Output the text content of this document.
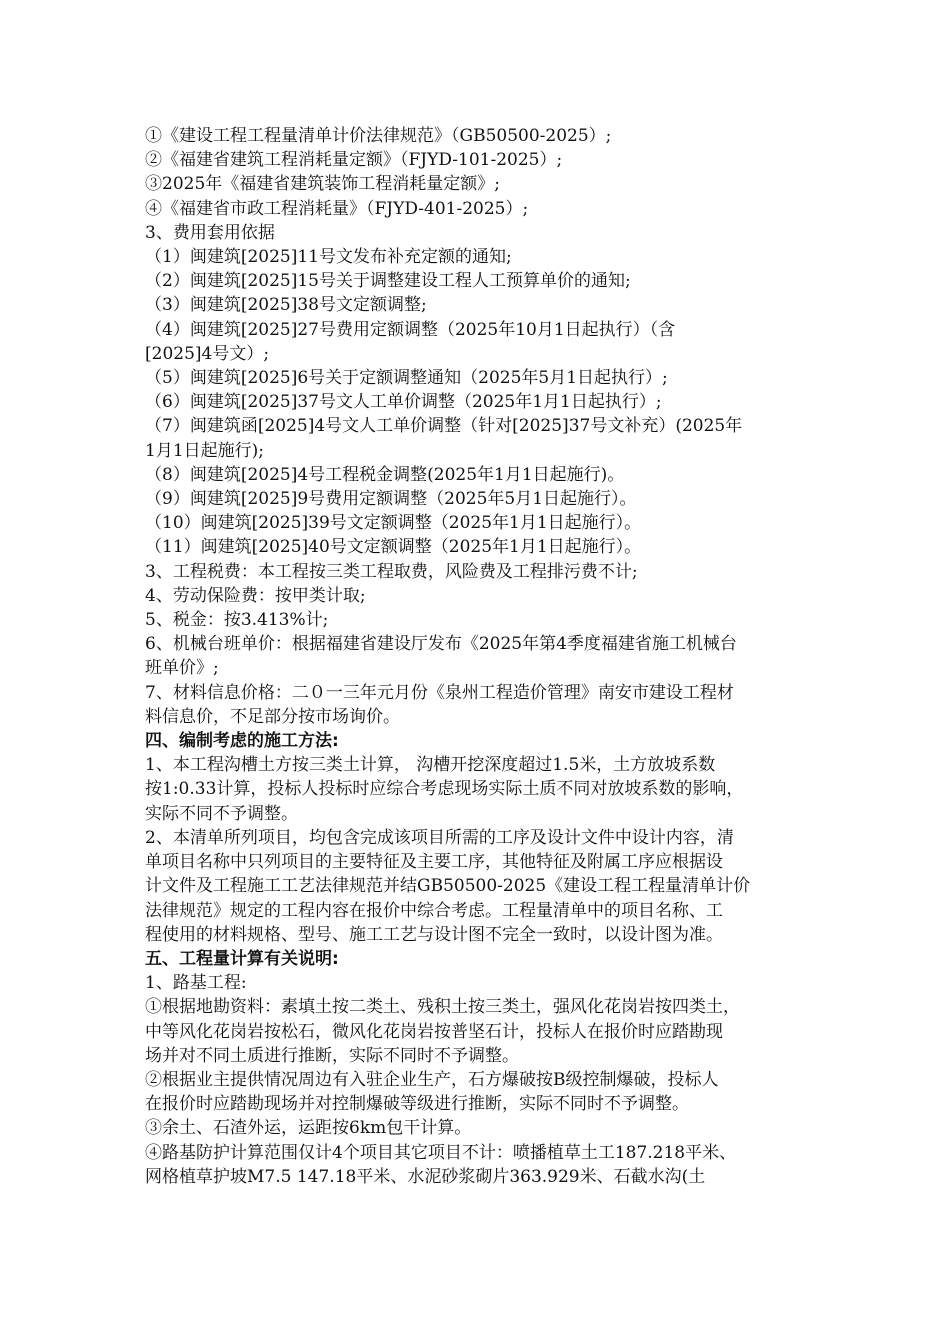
①《建设工程工程量清单计价法律规范》（GB50500-2025）;
②《福建省建筑工程消耗量定额》（FJYD-101-2025）;
③2025年《福建省建筑装饰工程消耗量定额》;
④《福建省市政工程消耗量》（FJYD-401-2025）;
3、费用套用依据
（1）闽建筑[2025]11号文发布补充定额的通知;
（2）闽建筑[2025]15号关于调整建设工程人工预算单价的通知;
（3）闽建筑[2025]38号文定额调整;
（4）闽建筑[2025]27号费用定额调整（2025年10月1日起执行）（含
[2025]4号文）;
（5）闽建筑[2025]6号关于定额调整通知（2025年5月1日起执行）;
（6）闽建筑[2025]37号文人工单价调整（2025年1月1日起执行）;
（7）闽建筑函[2025]4号文人工单价调整（针对[2025]37号文补充）(2025年
1月1日起施行);
（8）闽建筑[2025]4号工程税金调整(2025年1月1日起施行)。
（9）闽建筑[2025]9号费用定额调整（2025年5月1日起施行）。
（10）闽建筑[2025]39号文定额调整（2025年1月1日起施行）。
（11）闽建筑[2025]40号文定额调整（2025年1月1日起施行）。
3、工程税费：本工程按三类工程取费，风险费及工程排污费不计;
4、劳动保险费：按甲类计取;
5、税金：按3.413%计;
6、机械台班单价：根据福建省建设厅发布《2025年第4季度福建省施工机械台
班单价》;
7、材料信息价格：二０一三年元月份《泉州工程造价管理》南安市建设工程材
料信息价，不足部分按市场询价。
四、编制考虑的施工方法:
1、本工程沟槽土方按三类土计算， 沟槽开挖深度超过1.5米，土方放坡系数
按1:0.33计算，投标人投标时应综合考虑现场实际土质不同对放坡系数的影响，
实际不同不予调整。
2、本清单所列项目，均包含完成该项目所需的工序及设计文件中设计内容，清
单项目名称中只列项目的主要特征及主要工序，其他特征及附属工序应根据设
计文件及工程施工工艺法律规范并结GB50500-2025《建设工程工程量清单计价
法律规范》规定的工程内容在报价中综合考虑。工程量清单中的项目名称、工
程使用的材料规格、型号、施工工艺与设计图不完全一致时，以设计图为准。
五、工程量计算有关说明:
1、路基工程:
①根据地勘资料：素填土按二类土、残积土按三类土，强风化花岗岩按四类土，
中等风化花岗岩按松石，微风化花岗岩按普坚石计，投标人在报价时应踏勘现
场并对不同土质进行推断，实际不同时不予调整。
②根据业主提供情况周边有入驻企业生产，石方爆破按B级控制爆破，投标人
在报价时应踏勘现场并对控制爆破等级进行推断，实际不同时不予调整。
③余土、石渣外运，运距按6km包干计算。
④路基防护计算范围仅计4个项目其它项目不计：喷播植草土工187.218平米、
网格植草护坡M7.5 147.18平米、水泥砂浆砌片363.929米、石截水沟(土
